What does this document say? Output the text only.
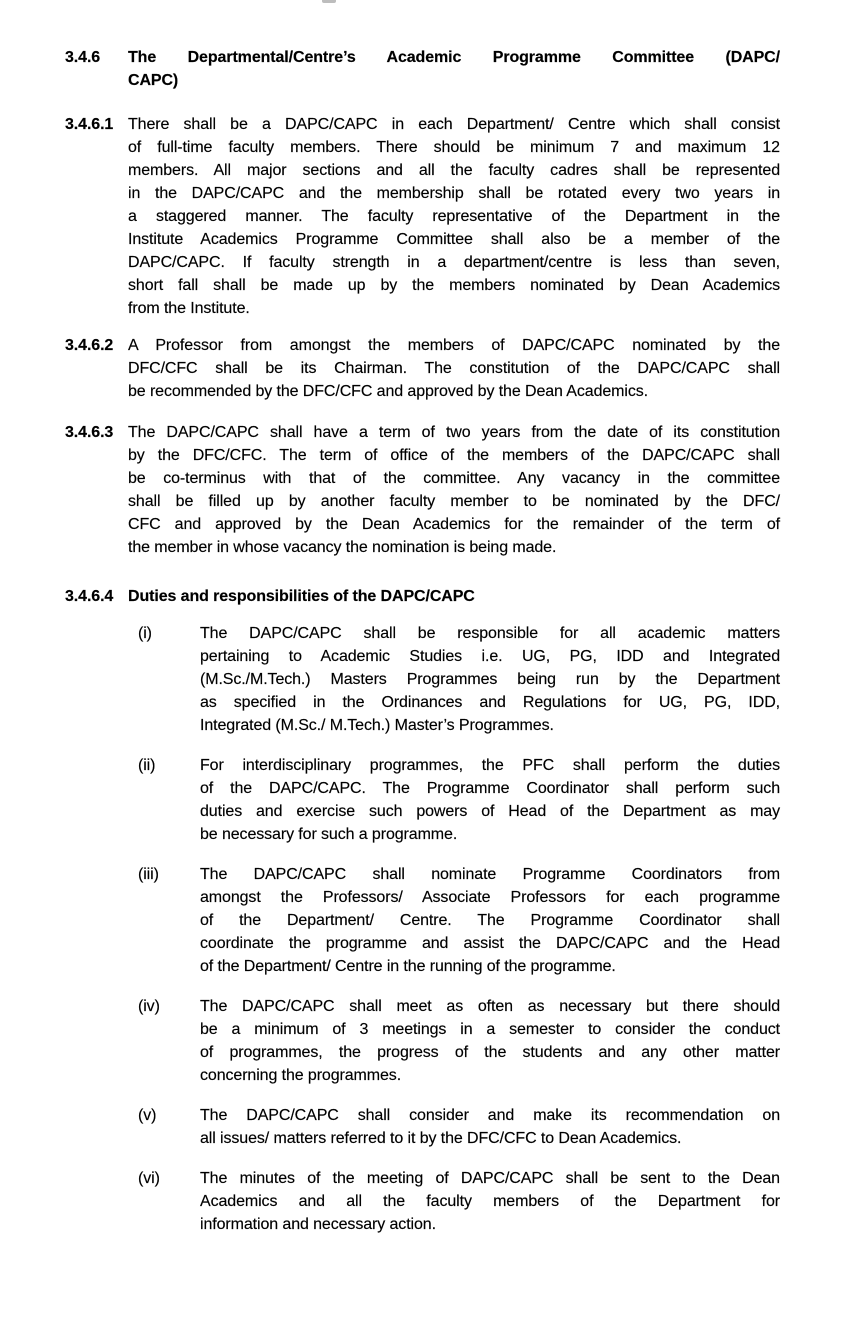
3.4.6	The Departmental/Centre’s Academic Programme Committee (DAPC/
CAPC)
3.4.6.1 There shall be a DAPC/CAPC in each Department/ Centre which shall consist
of full-time faculty members. There should be minimum 7 and maximum 12
members. All major sections and all the faculty cadres shall be represented
in the DAPC/CAPC and the membership shall be rotated every two years in
a staggered manner. The faculty representative of the Department in the
Institute Academics Programme Committee shall also be a member of the
DAPC/CAPC. If faculty strength in a department/centre is less than seven,
short fall shall be made up by the members nominated by Dean Academics
from the Institute.
3.4.6.2 A Professor from amongst the members of DAPC/CAPC nominated by the
DFC/CFC shall be its Chairman. The constitution of the DAPC/CAPC shall
be recommended by the DFC/CFC and approved by the Dean Academics.
3.4.6.3 The DAPC/CAPC shall have a term of two years from the date of its constitution
by the DFC/CFC. The term of office of the members of the DAPC/CAPC shall
be co-terminus with that of the committee. Any vacancy in the committee
shall be filled up by another faculty member to be nominated by the DFC/
CFC and approved by the Dean Academics for the remainder of the term of
the member in whose vacancy the nomination is being made.
3.4.6.4 Duties and responsibilities of the DAPC/CAPC
(i)	The DAPC/CAPC shall be responsible for all academic matters
pertaining to Academic Studies i.e. UG, PG, IDD and Integrated
(M.Sc./M.Tech.) Masters Programmes being run by the Department
as specified in the Ordinances and Regulations for UG, PG, IDD,
Integrated (M.Sc./ M.Tech.) Master’s Programmes.
(ii)	For interdisciplinary programmes, the PFC shall perform the duties
of the DAPC/CAPC. The Programme Coordinator shall perform such
duties and exercise such powers of Head of the Department as may
be necessary for such a programme.
(iii)	The DAPC/CAPC shall nominate Programme Coordinators from
amongst the Professors/ Associate Professors for each programme
of the Department/ Centre. The Programme Coordinator shall
coordinate the programme and assist the DAPC/CAPC and the Head
of the Department/ Centre in the running of the programme.
(iv)	The DAPC/CAPC shall meet as often as necessary but there should
be a minimum of 3 meetings in a semester to consider the conduct
of programmes, the progress of the students and any other matter
concerning the programmes.
(v)	The DAPC/CAPC shall consider and make its recommendation on
all issues/ matters referred to it by the DFC/CFC to Dean Academics.
(vi)	The minutes of the meeting of DAPC/CAPC shall be sent to the Dean
Academics and all the faculty members of the Department for
information and necessary action.
